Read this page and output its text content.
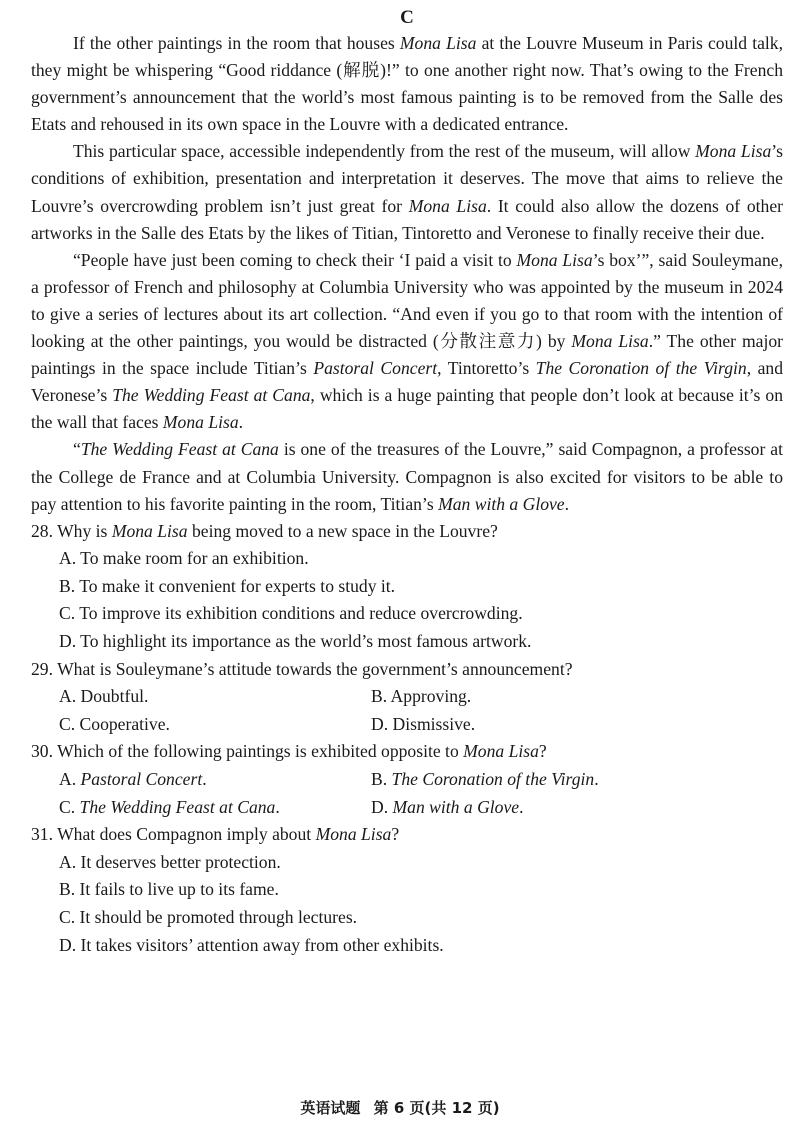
C

If the other paintings in the room that houses Mona Lisa at the Louvre Museum in Paris could talk, they might be whispering “Good riddance (解脱)!” to one another right now. That’s owing to the French government’s announcement that the world’s most famous painting is to be removed from the Salle des Etats and rehoused in its own space in the Louvre with a dedicated entrance.

This particular space, accessible independently from the rest of the museum, will allow Mona Lisa’s conditions of exhibition, presentation and interpretation it deserves. The move that aims to relieve the Louvre’s overcrowding problem isn’t just great for Mona Lisa. It could also allow the dozens of other artworks in the Salle des Etats by the likes of Titian, Tintoretto and Veronese to finally receive their due.

“People have just been coming to check their ‘I paid a visit to Mona Lisa’s box’”, said Souleymane, a professor of French and philosophy at Columbia University who was appointed by the museum in 2024 to give a series of lectures about its art collection. “And even if you go to that room with the intention of looking at the other paintings, you would be distracted (分散注意力) by Mona Lisa.” The other major paintings in the space include Titian’s Pastoral Concert, Tintoretto’s The Coronation of the Virgin, and Veronese’s The Wedding Feast at Cana, which is a huge painting that people don’t look at because it’s on the wall that faces Mona Lisa.

“The Wedding Feast at Cana is one of the treasures of the Louvre,” said Compagnon, a professor at the College de France and at Columbia University. Compagnon is also excited for visitors to be able to pay attention to his favorite painting in the room, Titian’s Man with a Glove.

28. Why is Mona Lisa being moved to a new space in the Louvre?

A. To make room for an exhibition.

B. To make it convenient for experts to study it.

C. To improve its exhibition conditions and reduce overcrowding.

D. To highlight its importance as the world’s most famous artwork.

29. What is Souleymane’s attitude towards the government’s announcement?

A. Doubtful.	B. Approving.
C. Cooperative.	D. Dismissive.

30. Which of the following paintings is exhibited opposite to Mona Lisa?

A. Pastoral Concert.	B. The Coronation of the Virgin.
C. The Wedding Feast at Cana.	D. Man with a Glove.

31. What does Compagnon imply about Mona Lisa?

A. It deserves better protection.

B. It fails to live up to its fame.

C. It should be promoted through lectures.

D. It takes visitors’ attention away from other exhibits.

英语试题 第 6 页(共 12 页)
